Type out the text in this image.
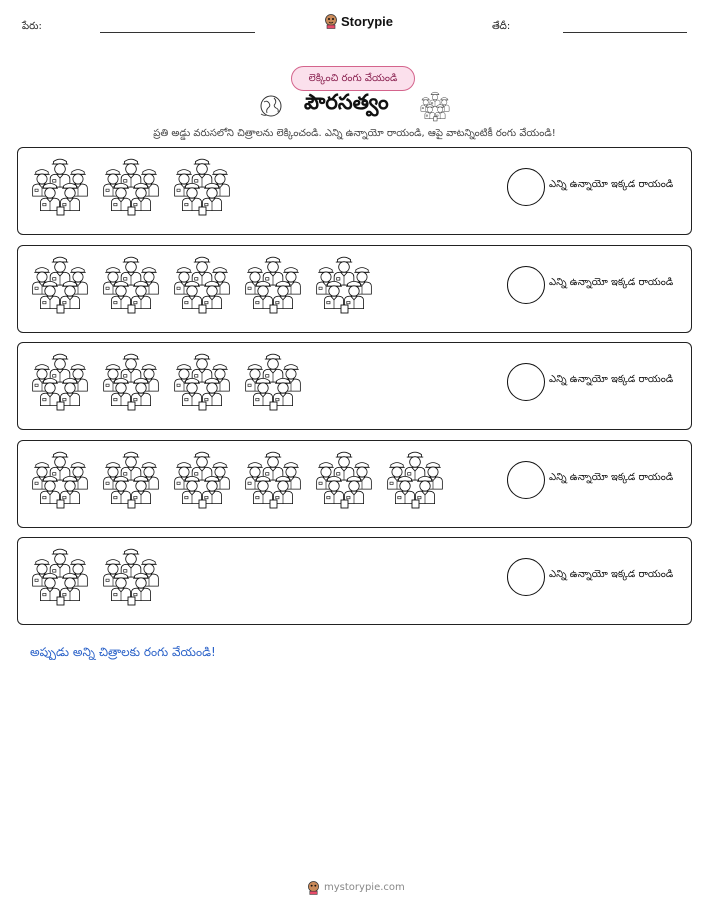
పేరు:	Storypie	తేదీ:
లెక్కించి రంగు వేయండి
పౌరసత్వం
ప్రతి అడ్డు వరుసలోని చిత్రాలను లెక్కించండి. ఎన్ని ఉన్నాయో రాయండి, ఆపై వాటన్నింటికీ రంగు వేయండి!
ఎన్ని ఉన్నాయో ఇక్కడ రాయండి
ఎన్ని ఉన్నాయో ఇక్కడ రాయండి
ఎన్ని ఉన్నాయో ఇక్కడ రాయండి
ఎన్ని ఉన్నాయో ఇక్కడ రాయండి
ఎన్ని ఉన్నాయో ఇక్కడ రాయండి
అప్పుడు అన్ని చిత్రాలకు రంగు వేయండి!
mystorypie.com
